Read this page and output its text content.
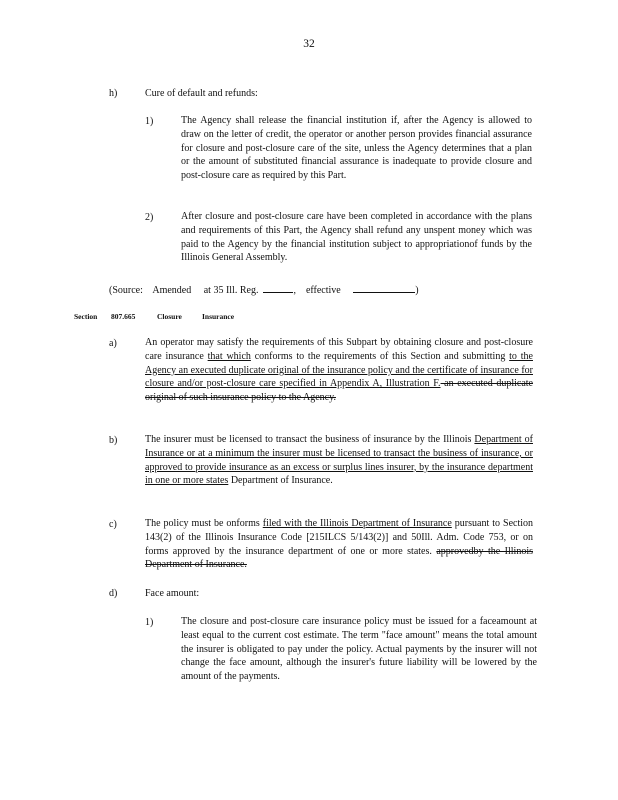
32
h)	Cure of default and refunds:
1)	The Agency shall release the financial institution if, after the Agency is allowed to draw on the letter of credit, the operator or another person provides financial assurance for closure and post-closure care of the site, unless the Agency determines that a plan or the amount of substituted financial assurance is inadequate to provide closure and post-closure care as required by this Part.
2)	After closure and post-closure care have been completed in accordance with the plans and requirements of this Part, the Agency shall refund any unspent money which was paid to the Agency by the financial institution subject to appropriationof funds by the Illinois General Assembly.
(Source: Amended at 35 Ill. Reg.	, effective	)
Section 807.665	Closure	Insurance
a)	An operator may satisfy the requirements of this Subpart by obtaining closure and post-closure care insurance that which conforms to the requirements of this Section and submitting to the Agency an executed duplicate original of the insurance policy and the certificate of insurance for closure and/or post-closure care specified in Appendix A, Illustration F. an executed duplicate original of such insurance policy to the Agency.
b)	The insurer must be licensed to transact the business of insurance by the Illinois Department of Insurance or at a minimum the insurer must be licensed to transact the business of insurance, or approved to provide insurance as an excess or surplus lines insurer, by the insurance department in one or more states Department of Insurance.
c)	The policy must be onforms filed with the Illinois Department of Insurance pursuant to Section 143(2) of the Illinois Insurance Code [215ILCS 5/143(2)] and 50Ill. Adm. Code 753, or on forms approved by the insurance department of one or more states. approvedby the Illinois Department of Insurance.
d)	Face amount:
1)	The closure and post-closure care insurance policy must be issued for a faceamount at least equal to the current cost estimate. The term "face amount" means the total amount the insurer is obligated to pay under the policy. Actual payments by the insurer will not change the face amount, although the insurer's future liability will be lowered by the amount of the payments.
